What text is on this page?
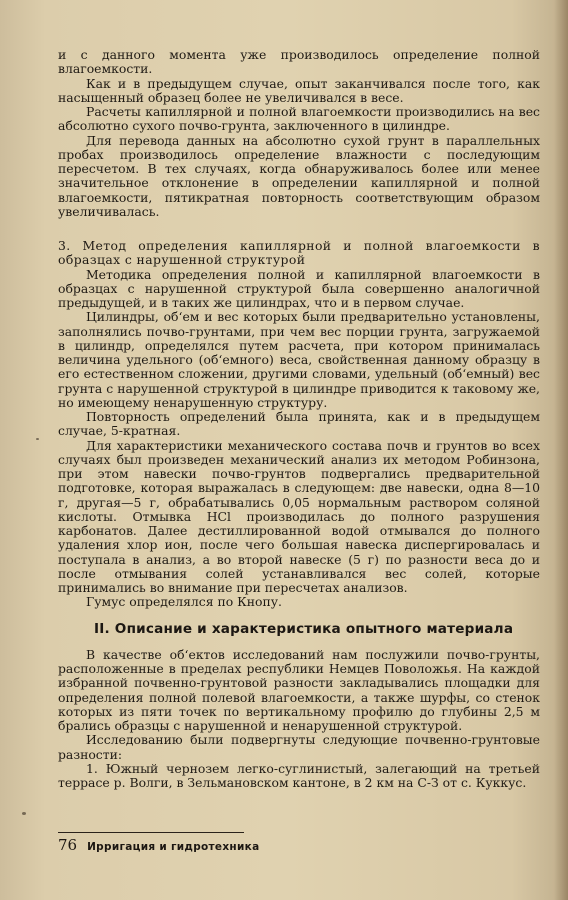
и с данного момента уже производилось определение полной влагоемкости.

Как и в предыдущем случае, опыт заканчивался после того, как насыщенный образец более не увеличивался в весе.

Расчеты капиллярной и полной влагоемкости производились на вес абсолютно сухого почво-грунта, заключенного в цилиндре.

Для перевода данных на абсолютно сухой грунт в параллельных пробах производилось определение влажности с последующим пересчетом. В тех случаях, когда обнаруживалось более или менее значительное отклонение в определении капиллярной и полной влагоемкости, пятикратная повторность соответствующим образом увеличивалась.

3. Метод определения капиллярной и полной влагоемкости в образцах с нарушенной структурой

Методика определения полной и капиллярной влагоемкости в образцах с нарушенной структурой была совершенно аналогичной предыдущей, и в таких же цилиндрах, что и в первом случае.

Цилиндры, об‘ем и вес которых были предварительно установлены, заполнялись почво-грунтами, при чем вес порции грунта, загружаемой в цилиндр, определялся путем расчета, при котором принималась величина удельного (об‘емного) веса, свойственная данному образцу в его естественном сложении, другими словами, удельный (об‘емный) вес грунта с нарушенной структурой в цилиндре приводится к таковому же, но имеющему ненарушенную структуру.

Повторность определений была принята, как и в предыдущем случае, 5-кратная.

Для характеристики механического состава почв и грунтов во всех случаях был произведен механический анализ их методом Робинзона, при этом навески почво-грунтов подвергались предварительной подготовке, которая выражалась в следующем: две навески, одна 8—10 г, другая—5 г, обрабатывались 0,05 нормальным раствором соляной кислоты. Отмывка НСl производилась до полного разрушения карбонатов. Далее дестиллированной водой отмывался до полного удаления хлор ион, после чего большая навеска диспергировалась и поступала в анализ, а во второй навеске (5 г) по разности веса до и после отмывания солей устанавливался вес солей, которые принимались во внимание при пересчетах анализов.

Гумус определялся по Кнопу.

II. Описание и характеристика опытного материала

В качестве об‘ектов исследований нам послужили почво-грунты, расположенные в пределах республики Немцев Поволожья. На каждой избранной почвенно-грунтовой разности закладывались площадки для определения полной полевой влагоемкости, а также шурфы, со стенок которых из пяти точек по вертикальному профилю до глубины 2,5 м брались образцы с нарушенной и ненарушенной структурой.

Исследованию были подвергнуты следующие почвенно-грунтовые разности:

1. Южный чернозем легко-суглинистый, залегающий на третьей террасе р. Волги, в Зельмановском кантоне, в 2 км на С-З от с. Куккус.

76 Ирригация и гидротехника
